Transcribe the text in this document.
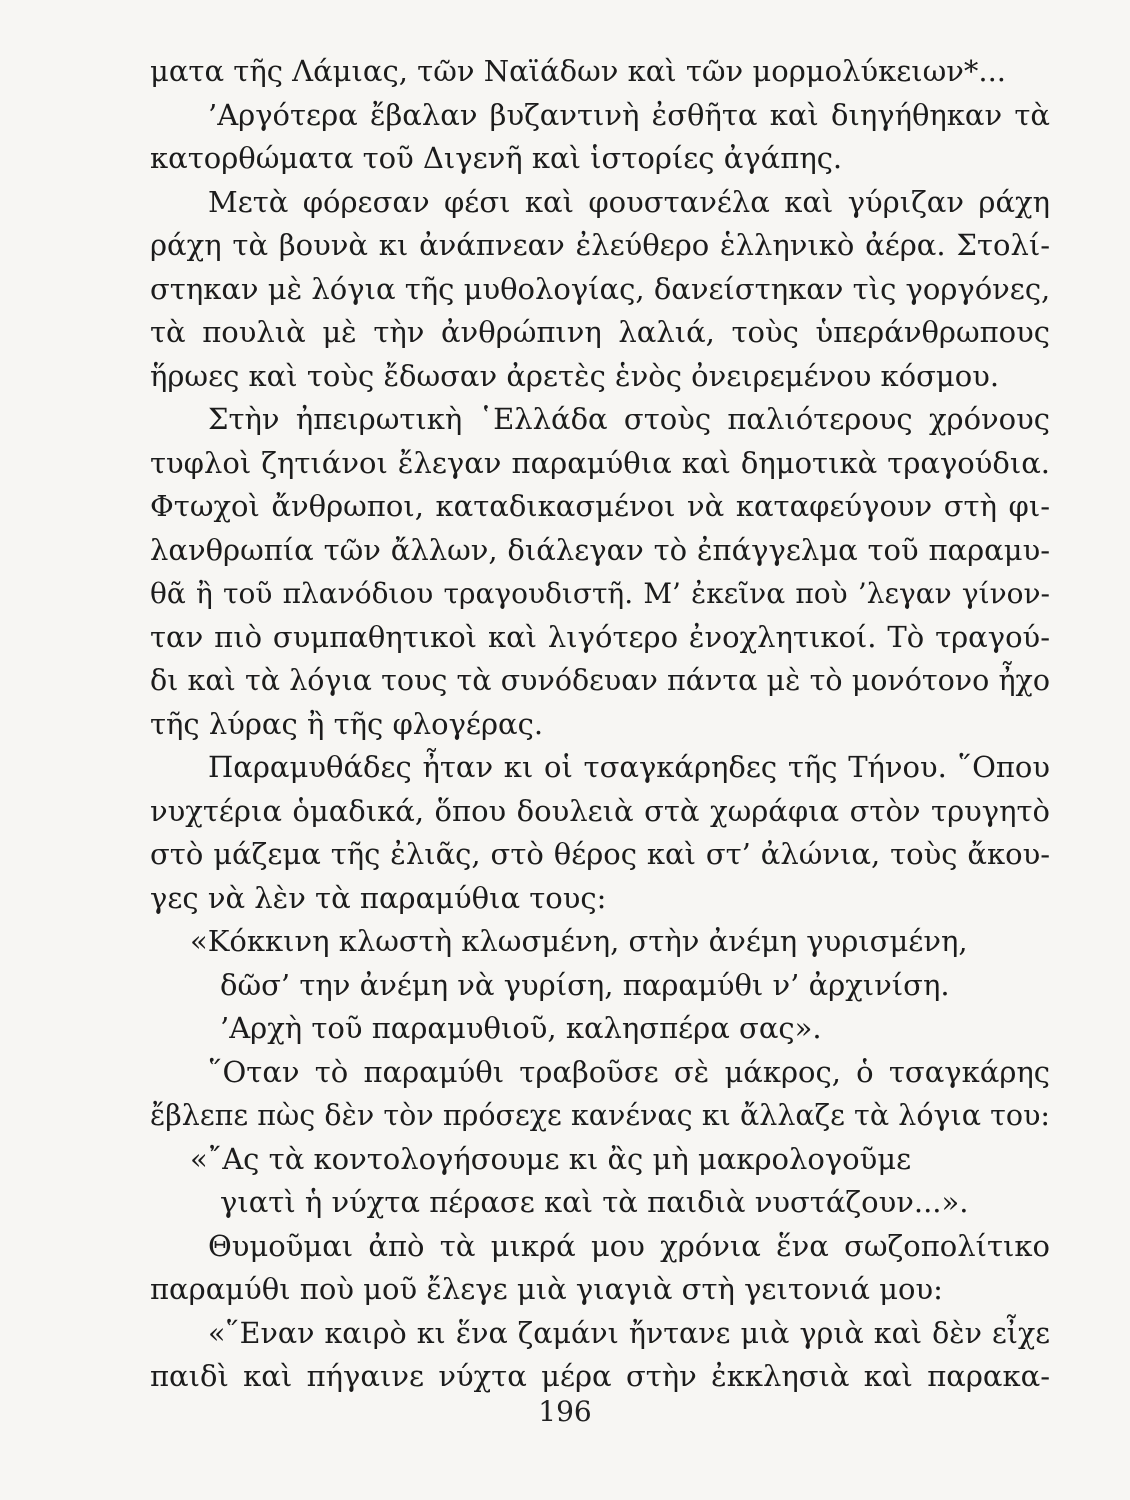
ματα τῆς Λάμιας, τῶν Ναϊάδων καὶ τῶν μορμολύκειων*...
’Αργότερα ἔβαλαν βυζαντινὴ ἐσθῆτα καὶ διηγήθηκαν τὰ
κατορθώματα τοῦ Διγενῆ καὶ ἱστορίες ἀγάπης.
Μετὰ φόρεσαν φέσι καὶ φουστανέλα καὶ γύριζαν ράχη
ράχη τὰ βουνὰ κι ἀνάπνεαν ἐλεύθερο ἑλληνικὸ ἀέρα. Στολί-
στηκαν μὲ λόγια τῆς μυθολογίας, δανείστηκαν τὶς γοργόνες,
τὰ πουλιὰ μὲ τὴν ἀνθρώπινη λαλιά, τοὺς ὑπεράνθρωπους
ἥρωες καὶ τοὺς ἔδωσαν ἀρετὲς ἑνὸς ὀνειρεμένου κόσμου.
Στὴν ἠπειρωτικὴ ῾Ελλάδα στοὺς παλιότερους χρόνους
τυφλοὶ ζητιάνοι ἔλεγαν παραμύθια καὶ δημοτικὰ τραγούδια.
Φτωχοὶ ἄνθρωποι, καταδικασμένοι νὰ καταφεύγουν στὴ φι-
λανθρωπία τῶν ἄλλων, διάλεγαν τὸ ἐπάγγελμα τοῦ παραμυ-
θᾶ ἢ τοῦ πλανόδιου τραγουδιστῆ. Μ’ ἐκεῖνα ποὺ ’λεγαν γίνον-
ταν πιὸ συμπαθητικοὶ καὶ λιγότερο ἐνοχλητικοί. Τὸ τραγού-
δι καὶ τὰ λόγια τους τὰ συνόδευαν πάντα μὲ τὸ μονότονο ἦχο
τῆς λύρας ἢ τῆς φλογέρας.
Παραμυθάδες ἦταν κι οἱ τσαγκάρηδες τῆς Τήνου. ῞Οπου
νυχτέρια ὁμαδικά, ὅπου δουλειὰ στὰ χωράφια στὸν τρυγητὸ
στὸ μάζεμα τῆς ἐλιᾶς, στὸ θέρος καὶ στ’ ἀλώνια, τοὺς ἄκου-
γες νὰ λὲν τὰ παραμύθια τους:
«Κόκκινη κλωστὴ κλωσμένη, στὴν ἀνέμη γυρισμένη,
δῶσ’ την ἀνέμη νὰ γυρίση, παραμύθι ν’ ἀρχινίση.
’Αρχὴ τοῦ παραμυθιοῦ, καλησπέρα σας».
῞Οταν τὸ παραμύθι τραβοῦσε σὲ μάκρος, ὁ τσαγκάρης
ἔβλεπε πὼς δὲν τὸν πρόσεχε κανένας κι ἄλλαζε τὰ λόγια του:
«῎Ας τὰ κοντολογήσουμε κι ἂς μὴ μακρολογοῦμε
γιατὶ ἡ νύχτα πέρασε καὶ τὰ παιδιὰ νυστάζουν...».
Θυμοῦμαι ἀπὸ τὰ μικρά μου χρόνια ἕνα σωζοπολίτικο
παραμύθι ποὺ μοῦ ἔλεγε μιὰ γιαγιὰ στὴ γειτονιά μου:
«῞Εναν καιρὸ κι ἕνα ζαμάνι ἤντανε μιὰ γριὰ καὶ δὲν εἶχε
παιδὶ καὶ πήγαινε νύχτα μέρα στὴν ἐκκλησιὰ καὶ παρακα-
196
